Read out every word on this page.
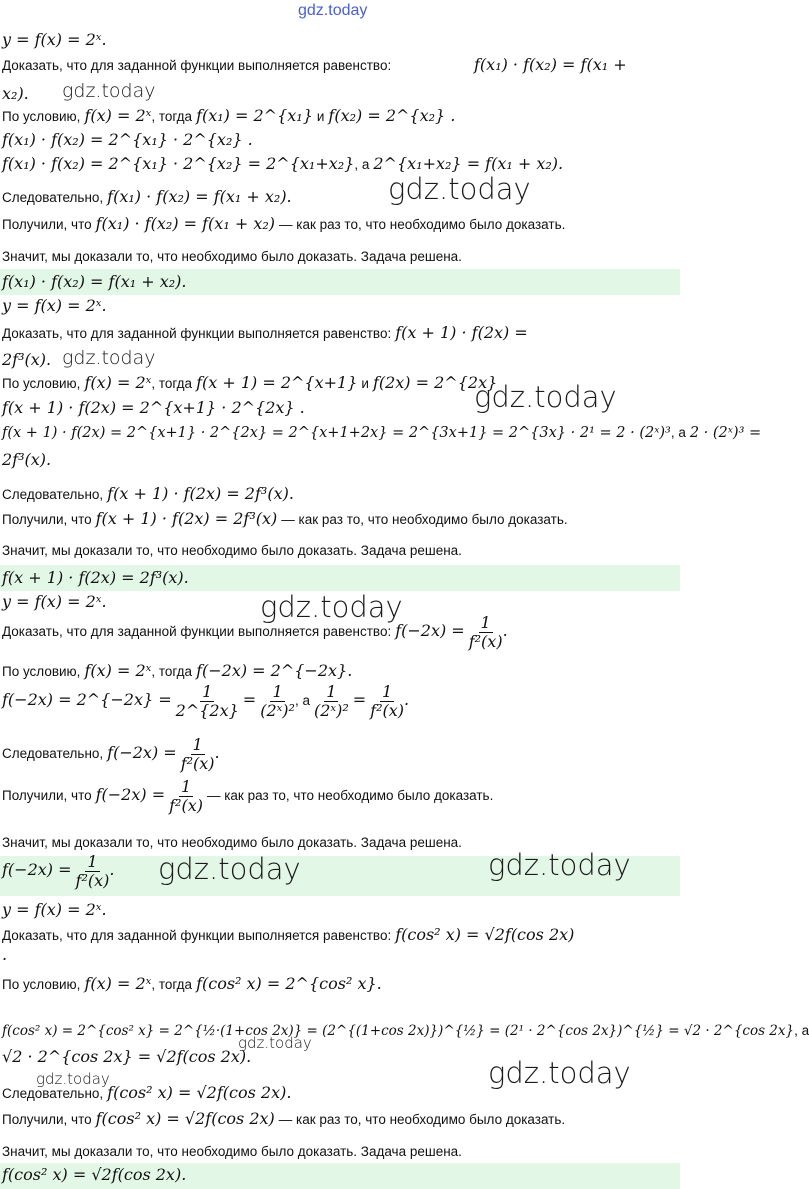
gdz.today
y = f(x) = 2ˣ.
Доказать, что для заданной функции выполняется равенство:	f(x₁) · f(x₂) = f(x₁ +
x₂). gdz.today
По условию, f(x) = 2ˣ, тогда f(x₁) = 2^{x₁} и f(x₂) = 2^{x₂} .
f(x₁) · f(x₂) = 2^{x₁} · 2^{x₂} .
f(x₁) · f(x₂) = 2^{x₁} · 2^{x₂} = 2^{x₁+x₂}, а 2^{x₁+x₂} = f(x₁ + x₂).
Следовательно, f(x₁) · f(x₂) = f(x₁ + x₂).	gdz.today
Получили, что f(x₁) · f(x₂) = f(x₁ + x₂) — как раз то, что необходимо было доказать.
Значит, мы доказали то, что необходимо было доказать. Задача решена.
f(x₁) · f(x₂) = f(x₁ + x₂).
y = f(x) = 2ˣ.
Доказать, что для заданной функции выполняется равенство: f(x + 1) · f(2x) =
2f³(x). gdz.today
По условию, f(x) = 2ˣ, тогда f(x + 1) = 2^{x+1} и f(2x) = 2^{2x}
gdz.today
f(x + 1) · f(2x) = 2^{x+1} · 2^{2x} .
f(x + 1) · f(2x) = 2^{x+1} · 2^{2x} = 2^{x+1+2x} = 2^{3x+1} = 2^{3x} · 2¹ = 2 · (2ˣ)³, а 2 · (2ˣ)³ =
2f³(x).
Следовательно, f(x + 1) · f(2x) = 2f³(x).
Получили, что f(x + 1) · f(2x) = 2f³(x) — как раз то, что необходимо было доказать.
Значит, мы доказали то, что необходимо было доказать. Задача решена.
f(x + 1) · f(2x) = 2f³(x).
y = f(x) = 2ˣ.	gdz.today
Доказать, что для заданной функции выполняется равенство: $f(-2x) = \frac{1}{\text{f²(x)}}$ .
По условию, f(x) = 2ˣ, тогда f(−2x) = 2^{−2x}.
f(−2x) = 2^{−2x} = $\frac{1}{2\^{}\{2x\}} = \frac{1}{\text{(2ˣ)²}}$ , а $\frac{1}{\text{(2ˣ)²}} = \frac{1}{\text{f²(x)}}$ .
Следовательно, $f(-2x) = \frac{1}{\text{f²(x)}}$ .
Получили, что $f(-2x) = \frac{1}{\text{f²(x)}}$ — как раз то, что необходимо было доказать.
Значит, мы доказали то, что необходимо было доказать. Задача решена.
$f(-2x) = \frac{1}{\text{f²(x)}}$ . gdz.today	gdz.today
y = f(x) = 2ˣ.
Доказать, что для заданной функции выполняется равенство: f(cos² x) = √2f(cos 2x)
.
По условию, f(x) = 2ˣ, тогда f(cos² x) = 2^{cos² x}.
f(cos² x) = 2^{cos² x} = 2^{½·(1+cos 2x)} = (2^{(1+cos 2x)})^{½} = (2¹ · 2^{cos 2x})^{½} = √2 · 2^{cos 2x}, а
√2 · 2^{cos 2x} = √2f(cos 2x).
gdz.today
gdz.today
Следовательно, f(cos² x) = √2f(cos 2x).
gdz.today
Получили, что f(cos² x) = √2f(cos 2x) — как раз то, что необходимо было доказать.
Значит, мы доказали то, что необходимо было доказать. Задача решена.
f(cos² x) = √2f(cos 2x).
